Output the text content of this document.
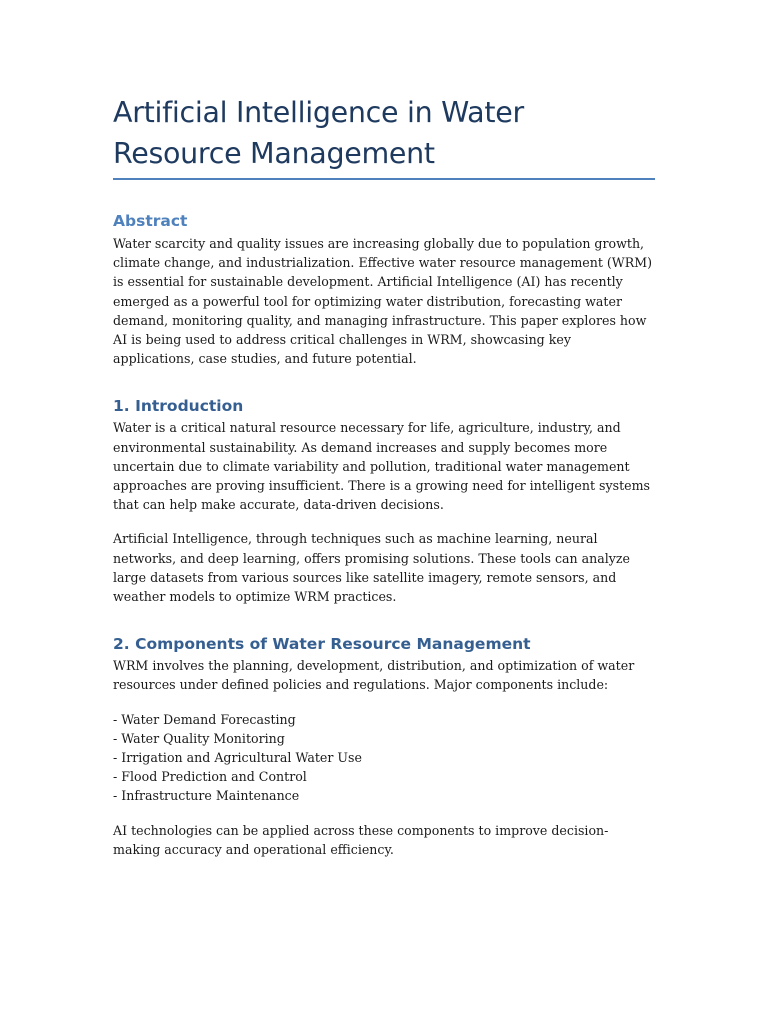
Artificial Intelligence in Water Resource Management
Abstract

Water scarcity and quality issues are increasing globally due to population growth, climate change, and industrialization. Effective water resource management (WRM) is essential for sustainable development. Artificial Intelligence (AI) has recently emerged as a powerful tool for optimizing water distribution, forecasting water demand, monitoring quality, and managing infrastructure. This paper explores how AI is being used to address critical challenges in WRM, showcasing key applications, case studies, and future potential.

1. Introduction

Water is a critical natural resource necessary for life, agriculture, industry, and environmental sustainability. As demand increases and supply becomes more uncertain due to climate variability and pollution, traditional water management approaches are proving insufficient. There is a growing need for intelligent systems that can help make accurate, data-driven decisions.

Artificial Intelligence, through techniques such as machine learning, neural networks, and deep learning, offers promising solutions. These tools can analyze large datasets from various sources like satellite imagery, remote sensors, and weather models to optimize WRM practices.

2. Components of Water Resource Management

WRM involves the planning, development, distribution, and optimization of water resources under defined policies and regulations. Major components include:

- Water Demand Forecasting
- Water Quality Monitoring
- Irrigation and Agricultural Water Use
- Flood Prediction and Control
- Infrastructure Maintenance

AI technologies can be applied across these components to improve decision-making accuracy and operational efficiency.
